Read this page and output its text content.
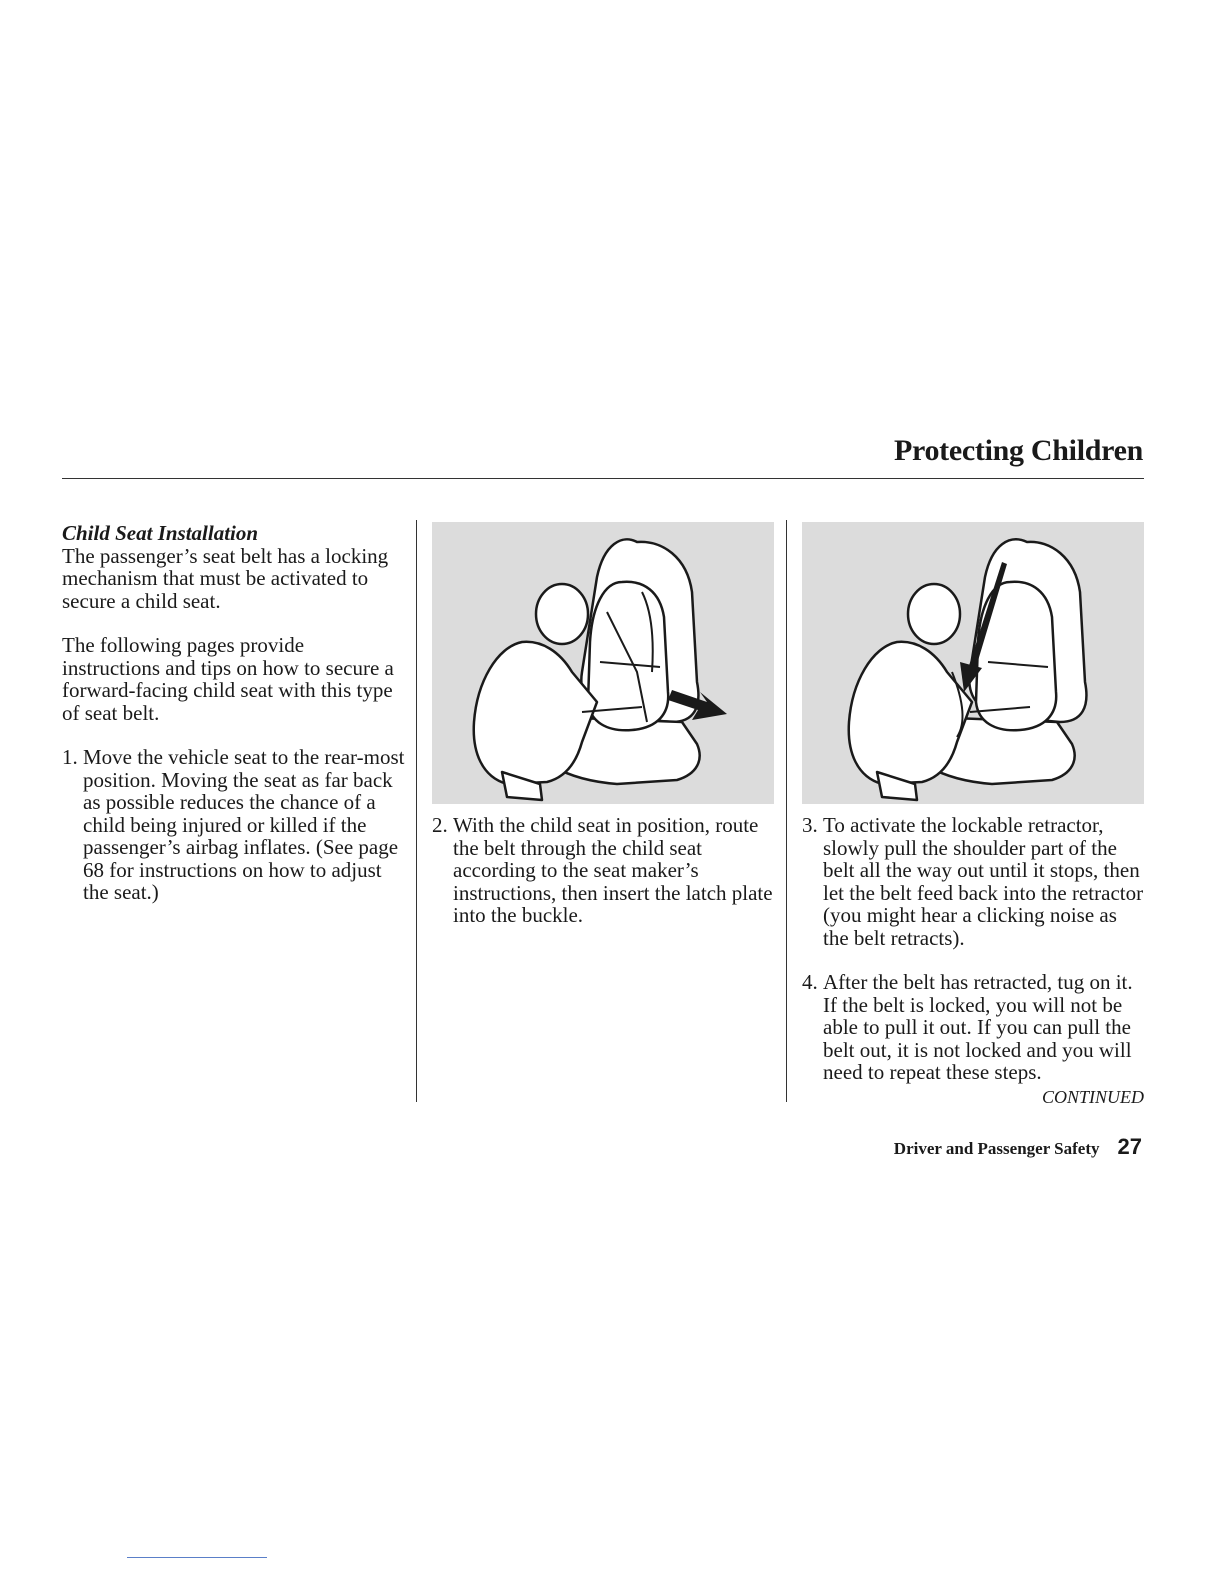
Protecting Children
Child Seat Installation

The passenger’s seat belt has a locking mechanism that must be activated to secure a child seat.

The following pages provide instructions and tips on how to secure a forward-facing child seat with this type of seat belt.

1. Move the vehicle seat to the rear-most position. Moving the seat as far back as possible reduces the chance of a child being injured or killed if the passenger’s airbag inflates. (See page 68 for instructions on how to adjust the seat.)
2. With the child seat in position, route the belt through the child seat according to the seat maker’s instructions, then insert the latch plate into the buckle.
3. To activate the lockable retractor, slowly pull the shoulder part of the belt all the way out until it stops, then let the belt feed back into the retractor (you might hear a clicking noise as the belt retracts).
4. After the belt has retracted, tug on it. If the belt is locked, you will not be able to pull it out. If you can pull the belt out, it is not locked and you will need to repeat these steps.
CONTINUED
Driver and Passenger Safety 27
